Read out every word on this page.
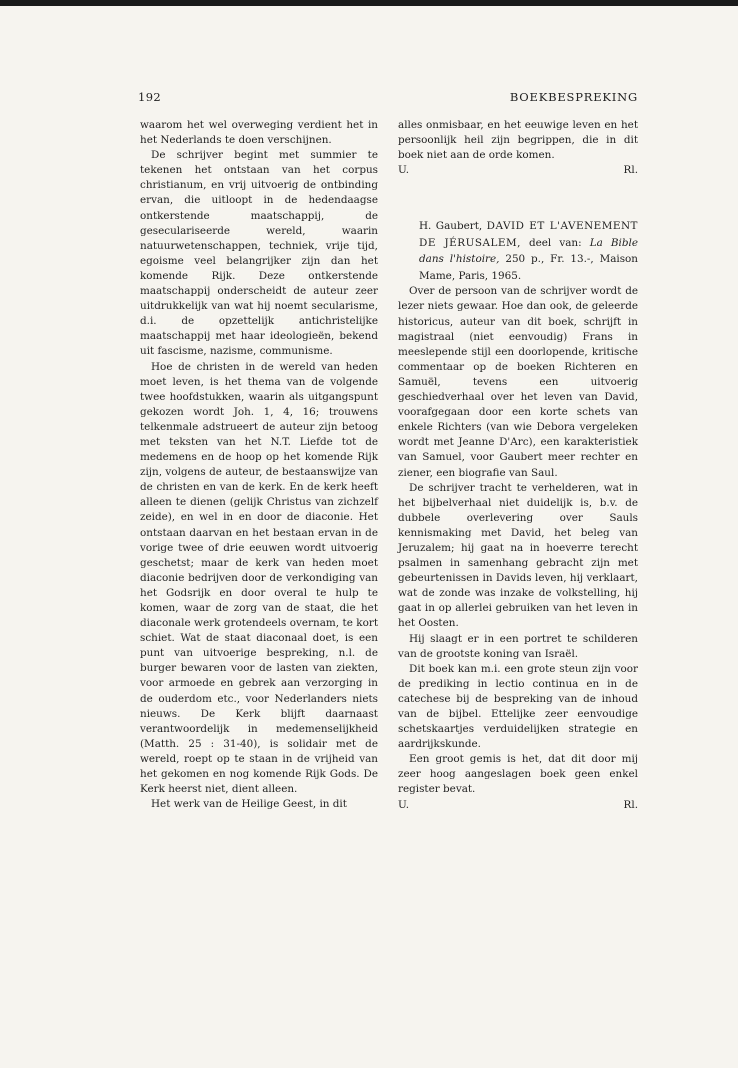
192	BOEKBESPREKING

waarom het wel overweging verdient het in het Nederlands te doen verschijnen.

De schrijver begint met summier te tekenen het ontstaan van het corpus christianum, en vrij uitvoerig de ontbinding ervan, die uitloopt in de hedendaagse ontkerstende maatschappij, de geseculariseerde wereld, waarin natuurwetenschappen, techniek, vrije tijd, egoisme veel belangrijker zijn dan het komende Rijk. Deze ontkerstende maatschappij onderscheidt de auteur zeer uitdrukkelijk van wat hij noemt secularisme, d.i. de opzettelijk antichristelijke maatschappij met haar ideologieën, bekend uit fascisme, nazisme, communisme.

Hoe de christen in de wereld van heden moet leven, is het thema van de volgende twee hoofdstukken, waarin als uitgangspunt gekozen wordt Joh. 1, 4, 16; trouwens telkenmale adstrueert de auteur zijn betoog met teksten van het N.T. Liefde tot de medemens en de hoop op het komende Rijk zijn, volgens de auteur, de bestaanswijze van de christen en van de kerk. En de kerk heeft alleen te dienen (gelijk Christus van zichzelf zeide), en wel in en door de diaconie. Het ontstaan daarvan en het bestaan ervan in de vorige twee of drie eeuwen wordt uitvoerig geschetst; maar de kerk van heden moet diaconie bedrijven door de verkondiging van het Godsrijk en door overal te hulp te komen, waar de zorg van de staat, die het diaconale werk grotendeels overnam, te kort schiet. Wat de staat diaconaal doet, is een punt van uitvoerige bespreking, n.l. de burger bewaren voor de lasten van ziekten, voor armoede en gebrek aan verzorging in de ouderdom etc., voor Nederlanders niets nieuws. De Kerk blijft daarnaast verantwoordelijk in medemenselijkheid (Matth. 25 : 31-40), is solidair met de wereld, roept op te staan in de vrijheid van het gekomen en nog komende Rijk Gods. De Kerk heerst niet, dient alleen.

Het werk van de Heilige Geest, in dit

alles onmisbaar, en het eeuwige leven en het persoonlijk heil zijn begrippen, die in dit boek niet aan de orde komen.

U.	Rl.
H. Gaubert, DAVID ET L'AVENEMENT DE JÉRUSALEM, deel van: La Bible dans l'histoire, 250 p., Fr. 13.-, Maison Mame, Paris, 1965.

Over de persoon van de schrijver wordt de lezer niets gewaar. Hoe dan ook, de geleerde historicus, auteur van dit boek, schrijft in magistraal (niet eenvoudig) Frans in meeslepende stijl een doorlopende, kritische commentaar op de boeken Richteren en Samuël, tevens een uitvoerig geschiedverhaal over het leven van David, voorafgegaan door een korte schets van enkele Richters (van wie Debora vergeleken wordt met Jeanne D'Arc), een karakteristiek van Samuel, voor Gaubert meer rechter en ziener, een biografie van Saul.

De schrijver tracht te verhelderen, wat in het bijbelverhaal niet duidelijk is, b.v. de dubbele overlevering over Sauls kennismaking met David, het beleg van Jeruzalem; hij gaat na in hoeverre terecht psalmen in samenhang gebracht zijn met gebeurtenissen in Davids leven, hij verklaart, wat de zonde was inzake de volkstelling, hij gaat in op allerlei gebruiken van het leven in het Oosten.

Hij slaagt er in een portret te schilderen van de grootste koning van Israël.

Dit boek kan m.i. een grote steun zijn voor de prediking in lectio continua en in de catechese bij de bespreking van de inhoud van de bijbel. Ettelijke zeer eenvoudige schetskaartjes verduidelijken strategie en aardrijkskunde.

Een groot gemis is het, dat dit door mij zeer hoog aangeslagen boek geen enkel register bevat.

U.	Rl.
